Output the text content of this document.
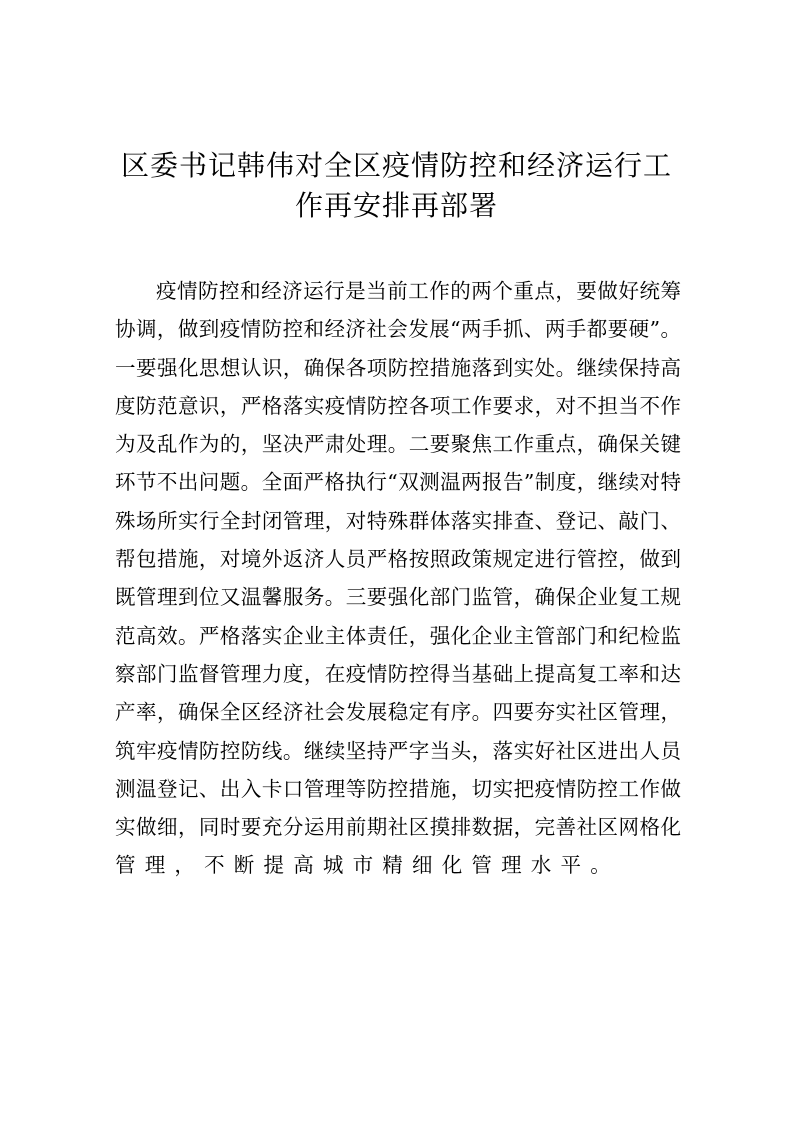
区委书记韩伟对全区疫情防控和经济运行工
作再安排再部署
疫情防控和经济运行是当前工作的两个重点，要做好统筹
协调，做到疫情防控和经济社会发展“两手抓、两手都要硬”。
一要强化思想认识，确保各项防控措施落到实处。继续保持高
度防范意识，严格落实疫情防控各项工作要求，对不担当不作
为及乱作为的，坚决严肃处理。二要聚焦工作重点，确保关键
环节不出问题。全面严格执行“双测温两报告”制度，继续对特
殊场所实行全封闭管理，对特殊群体落实排查、登记、敲门、
帮包措施，对境外返济人员严格按照政策规定进行管控，做到
既管理到位又温馨服务。三要强化部门监管，确保企业复工规
范高效。严格落实企业主体责任，强化企业主管部门和纪检监
察部门监督管理力度，在疫情防控得当基础上提高复工率和达
产率，确保全区经济社会发展稳定有序。四要夯实社区管理，
筑牢疫情防控防线。继续坚持严字当头，落实好社区进出人员
测温登记、出入卡口管理等防控措施，切实把疫情防控工作做
实做细，同时要充分运用前期社区摸排数据，完善社区网格化
管理，不断提高城市精细化管理水平。
